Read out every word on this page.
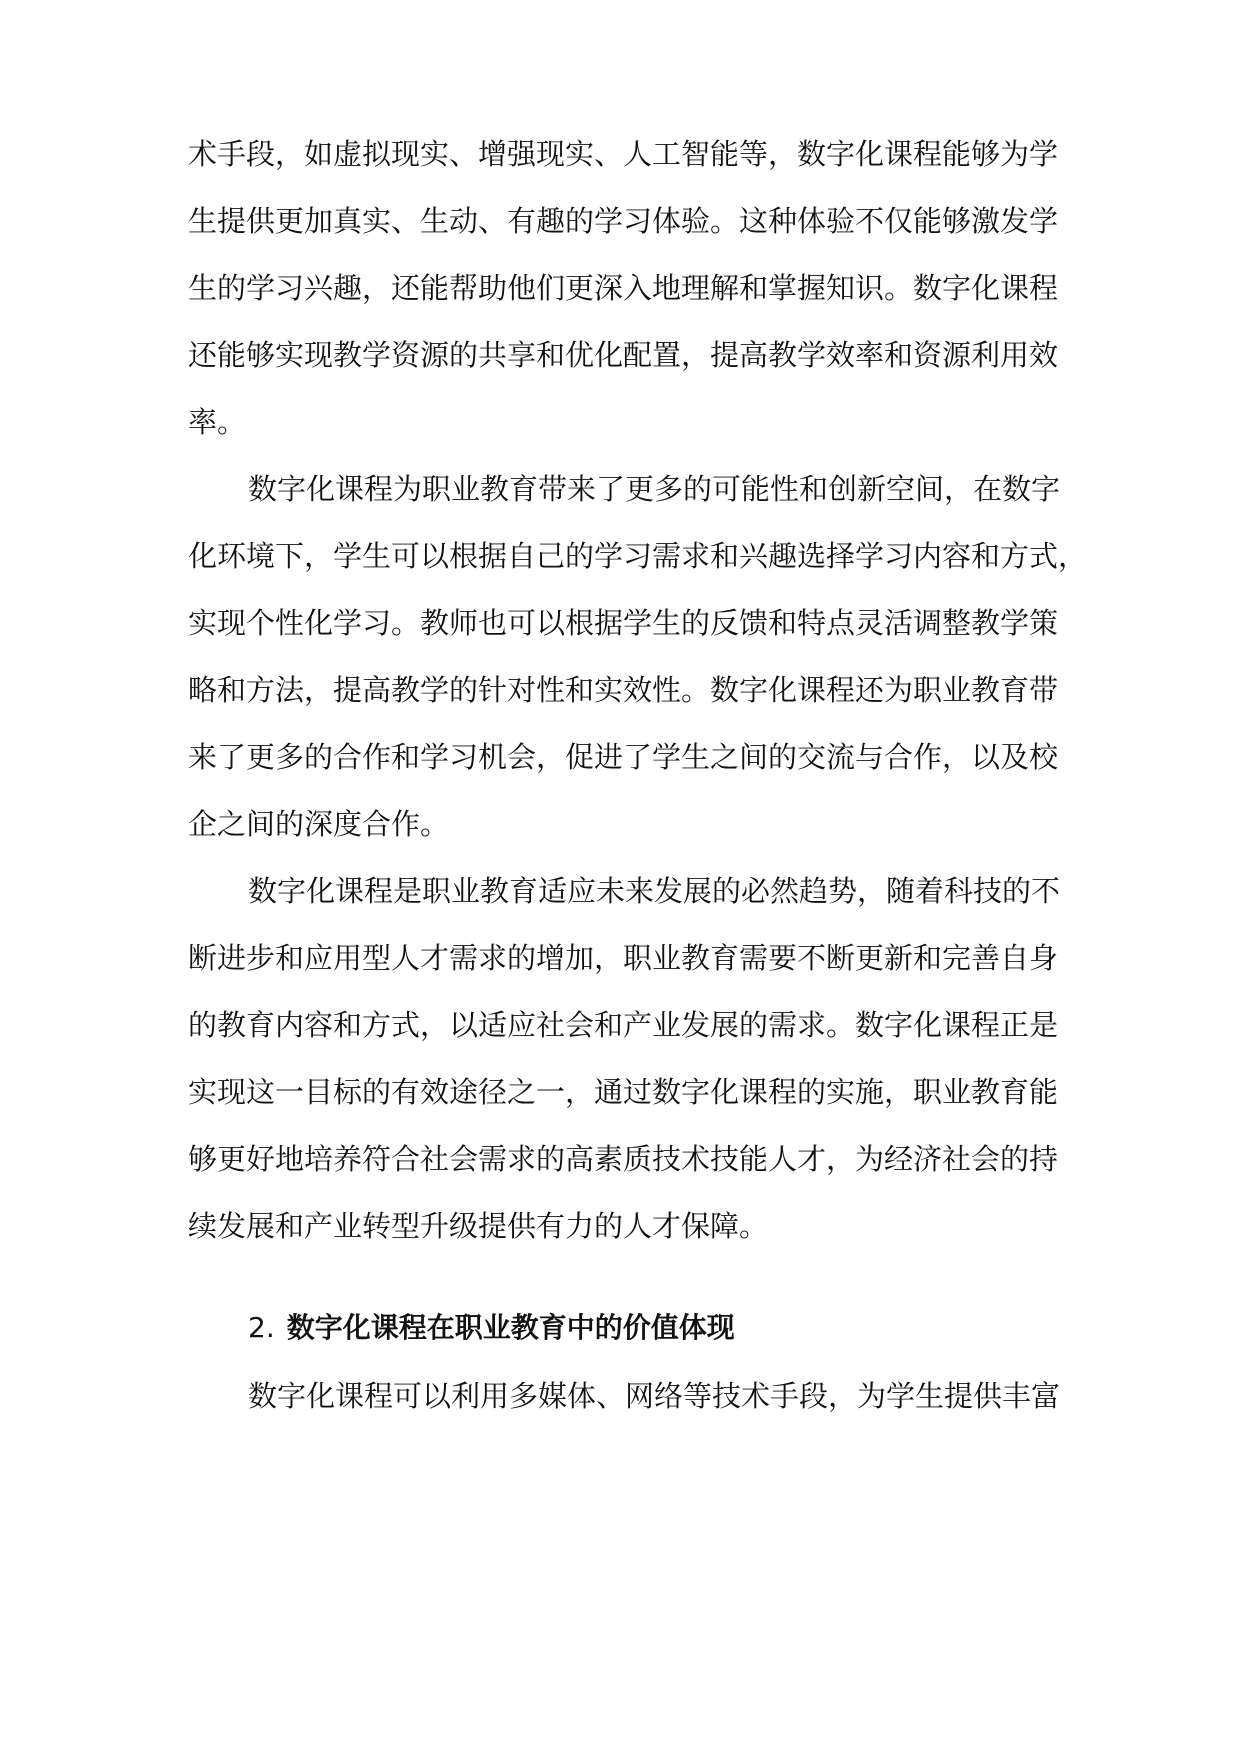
术手段，如虚拟现实、增强现实、人工智能等，数字化课程能够为学
生提供更加真实、生动、有趣的学习体验。这种体验不仅能够激发学
生的学习兴趣，还能帮助他们更深入地理解和掌握知识。数字化课程
还能够实现教学资源的共享和优化配置，提高教学效率和资源利用效
率。
数字化课程为职业教育带来了更多的可能性和创新空间，在数字
化环境下，学生可以根据自己的学习需求和兴趣选择学习内容和方式，
实现个性化学习。教师也可以根据学生的反馈和特点灵活调整教学策
略和方法，提高教学的针对性和实效性。数字化课程还为职业教育带
来了更多的合作和学习机会，促进了学生之间的交流与合作，以及校
企之间的深度合作。
数字化课程是职业教育适应未来发展的必然趋势，随着科技的不
断进步和应用型人才需求的增加，职业教育需要不断更新和完善自身
的教育内容和方式，以适应社会和产业发展的需求。数字化课程正是
实现这一目标的有效途径之一，通过数字化课程的实施，职业教育能
够更好地培养符合社会需求的高素质技术技能人才，为经济社会的持
续发展和产业转型升级提供有力的人才保障。
2. 数字化课程在职业教育中的价值体现
数字化课程可以利用多媒体、网络等技术手段，为学生提供丰富
